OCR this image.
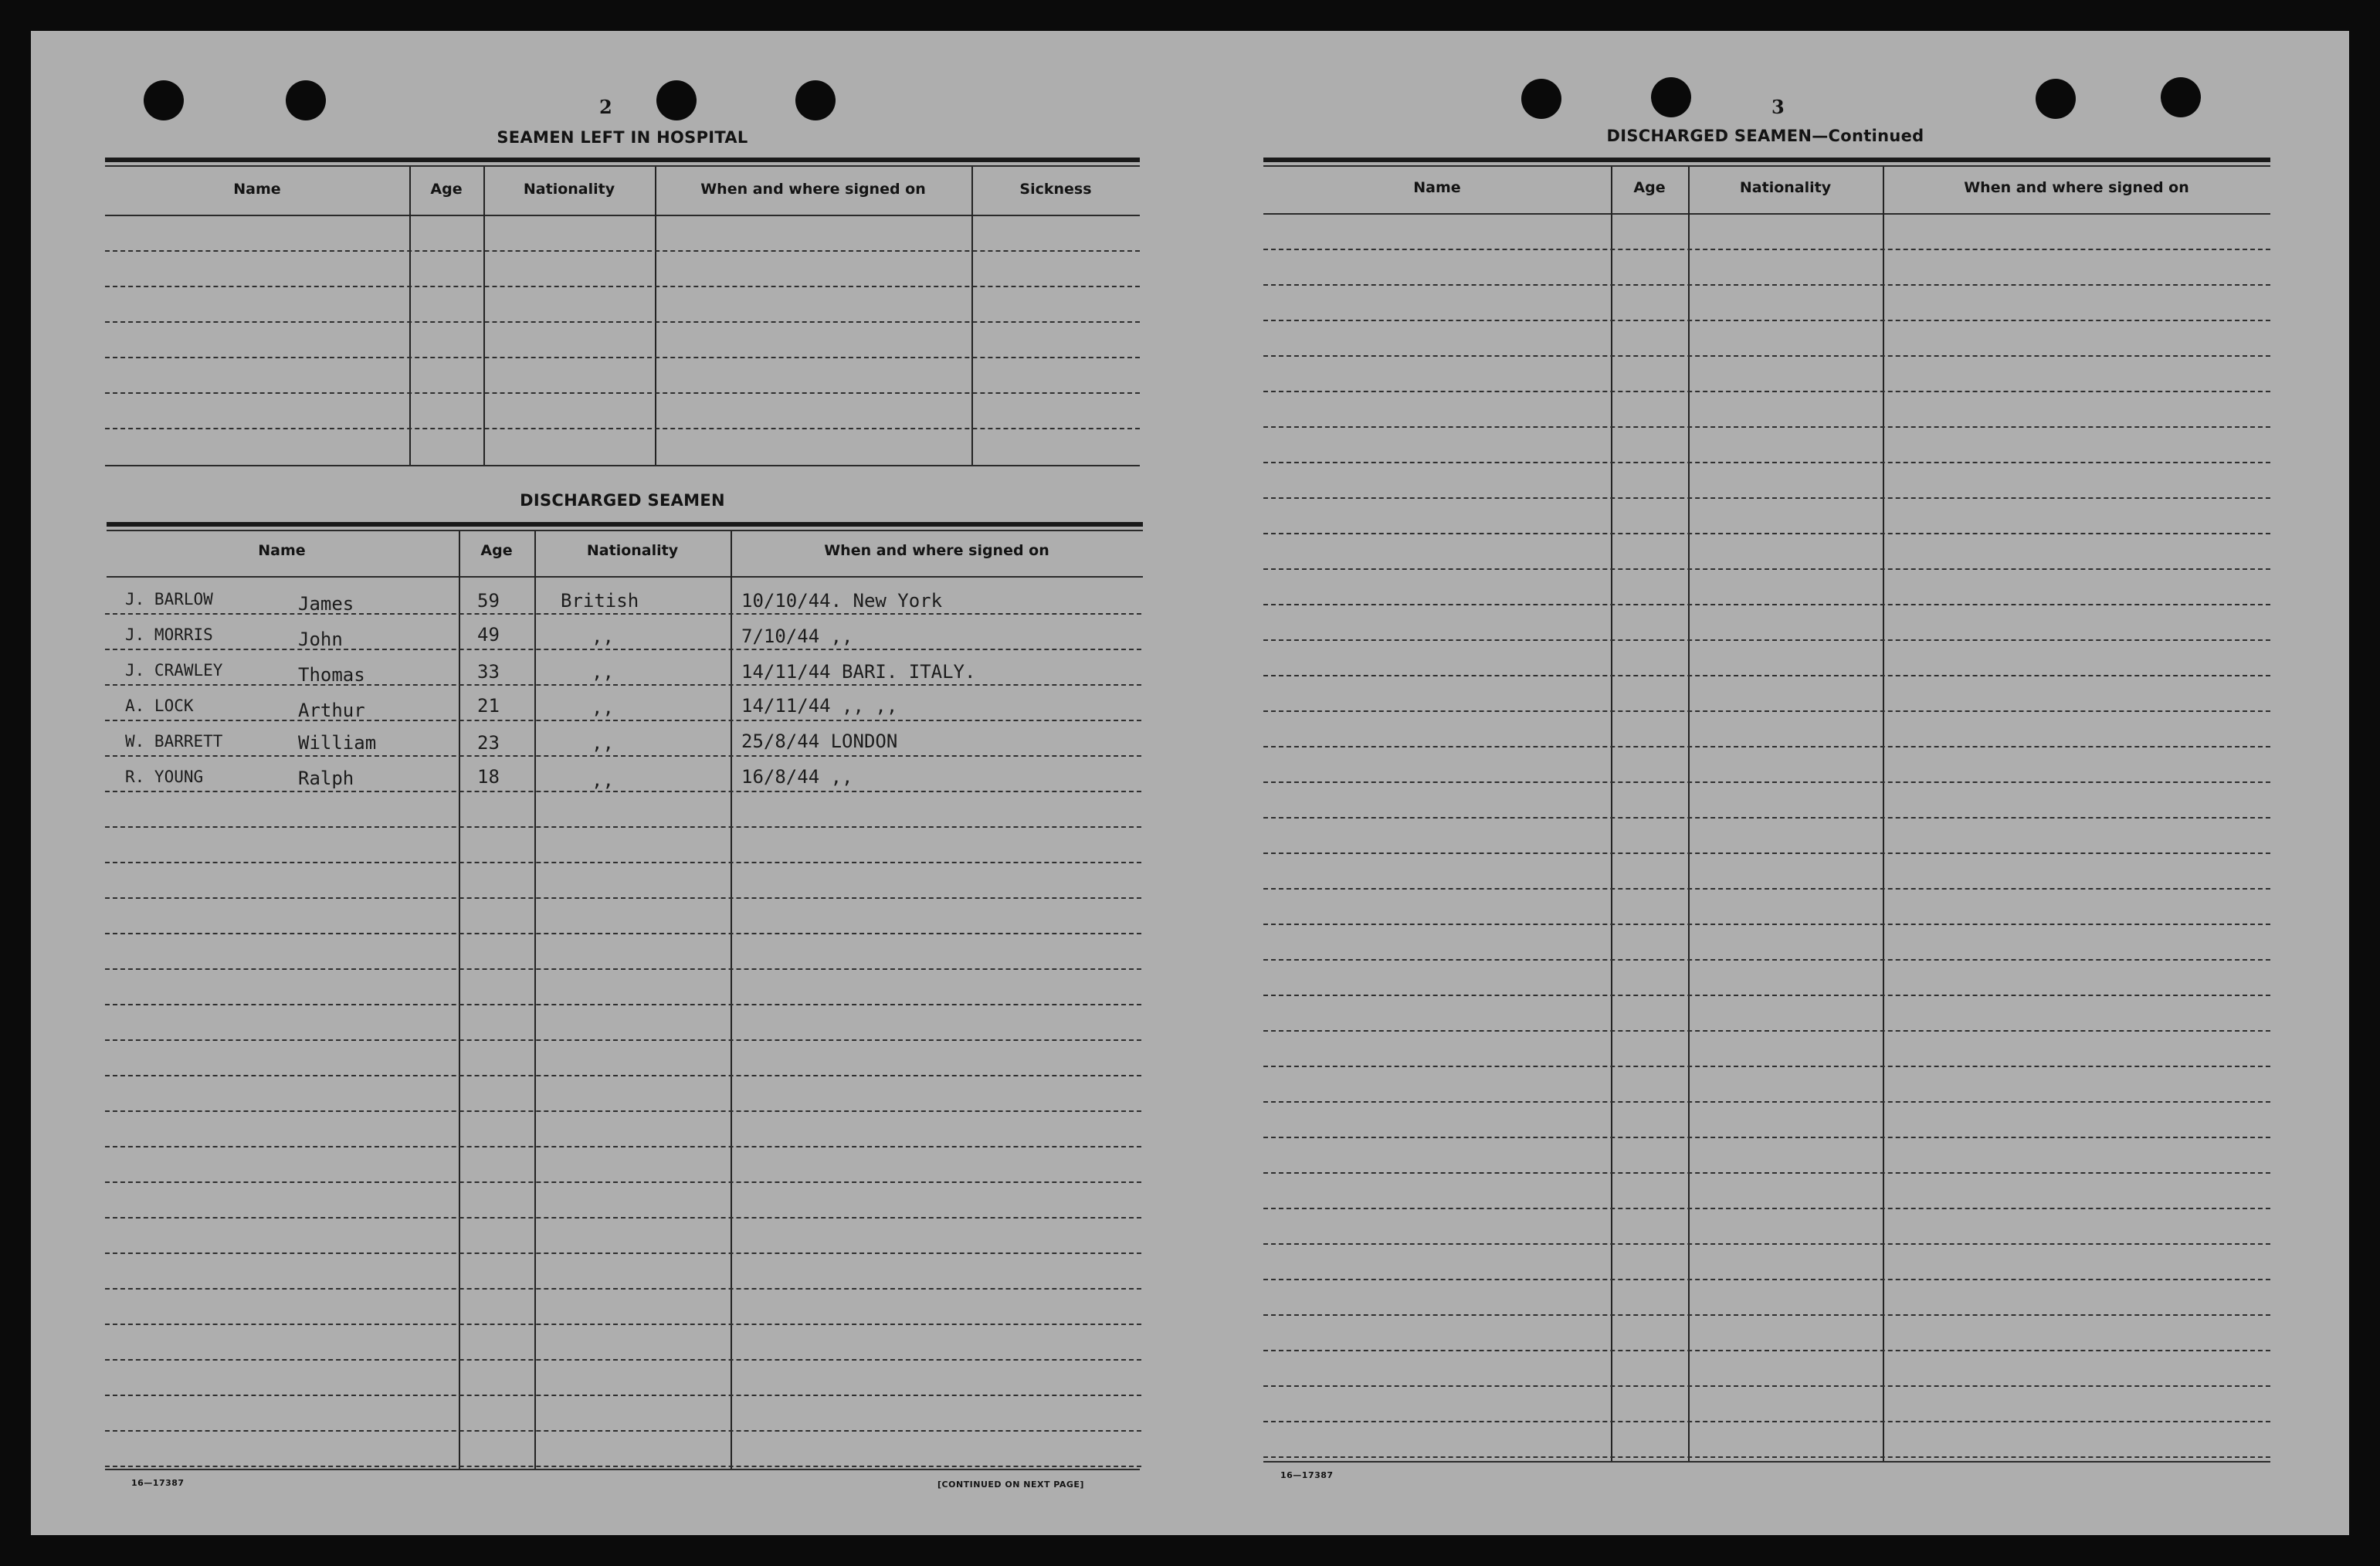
2
SEAMEN LEFT IN HOSPITAL
Name	Age	Nationality	When and where signed on	Sickness
DISCHARGED SEAMEN
Name	Age	Nationality	When and where signed on
J. BARLOW	James	59	British	10/10/44. New York
J. MORRIS	John	49	,,	7/10/44 ,,
J. CRAWLEY	Thomas	33	,,	14/11/44 BARI. ITALY.
A. LOCK	Arthur	21	,,	14/11/44 ,, ,,
W. BARRETT	William	23	,,	25/8/44 LONDON
R. YOUNG	Ralph	18	,,	16/8/44 ,,
16—17387	[CONTINUED ON NEXT PAGE]
3
DISCHARGED SEAMEN—Continued
Name	Age	Nationality	When and where signed on
16—17387
